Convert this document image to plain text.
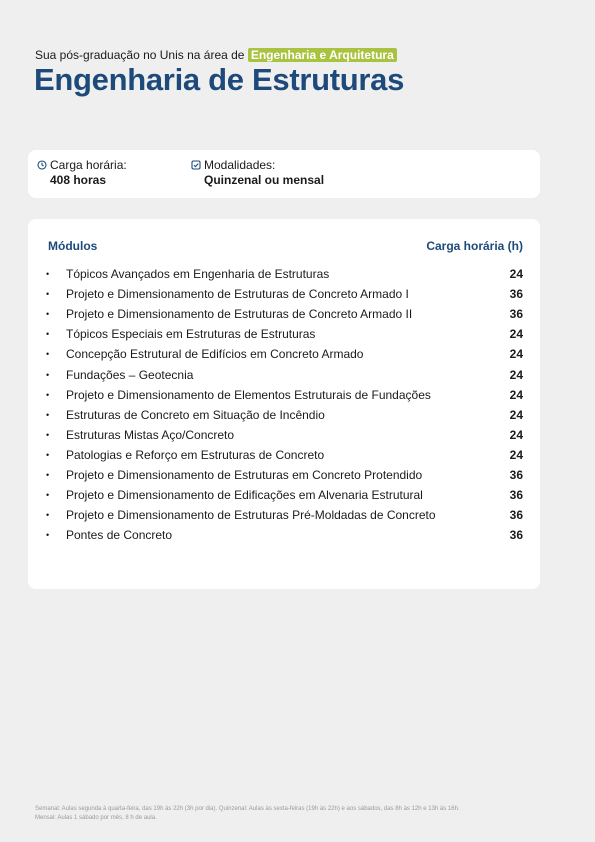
Sua pós-graduação no Unis na área de Engenharia e Arquitetura
Engenharia de Estruturas
Carga horária:
408 horas
Modalidades:
Quinzenal ou mensal
Módulos	Carga horária (h)
•	Tópicos Avançados em Engenharia de Estruturas	24
•	Projeto e Dimensionamento de Estruturas de Concreto Armado I	36
•	Projeto e Dimensionamento de Estruturas de Concreto Armado II	36
•	Tópicos Especiais em Estruturas de Estruturas	24
•	Concepção Estrutural de Edifícios em Concreto Armado	24
•	Fundações – Geotecnia	24
•	Projeto e Dimensionamento de Elementos Estruturais de Fundações	24
•	Estruturas de Concreto em Situação de Incêndio	24
•	Estruturas Mistas Aço/Concreto	24
•	Patologias e Reforço em Estruturas de Concreto	24
•	Projeto e Dimensionamento de Estruturas em Concreto Protendido	36
•	Projeto e Dimensionamento de Edificações em Alvenaria Estrutural	36
•	Projeto e Dimensionamento de Estruturas Pré-Moldadas de Concreto	36
•	Pontes de Concreto	36
Semanal: Aulas segunda à quarta-feira, das 19h às 22h (3h por dia). Quinzenal: Aulas às sexta-feiras (19h às 22h) e aos sábados, das 8h às 12h e 13h às 16h.
Mensal: Aulas 1 sábado por mês, 8 h de aula.
